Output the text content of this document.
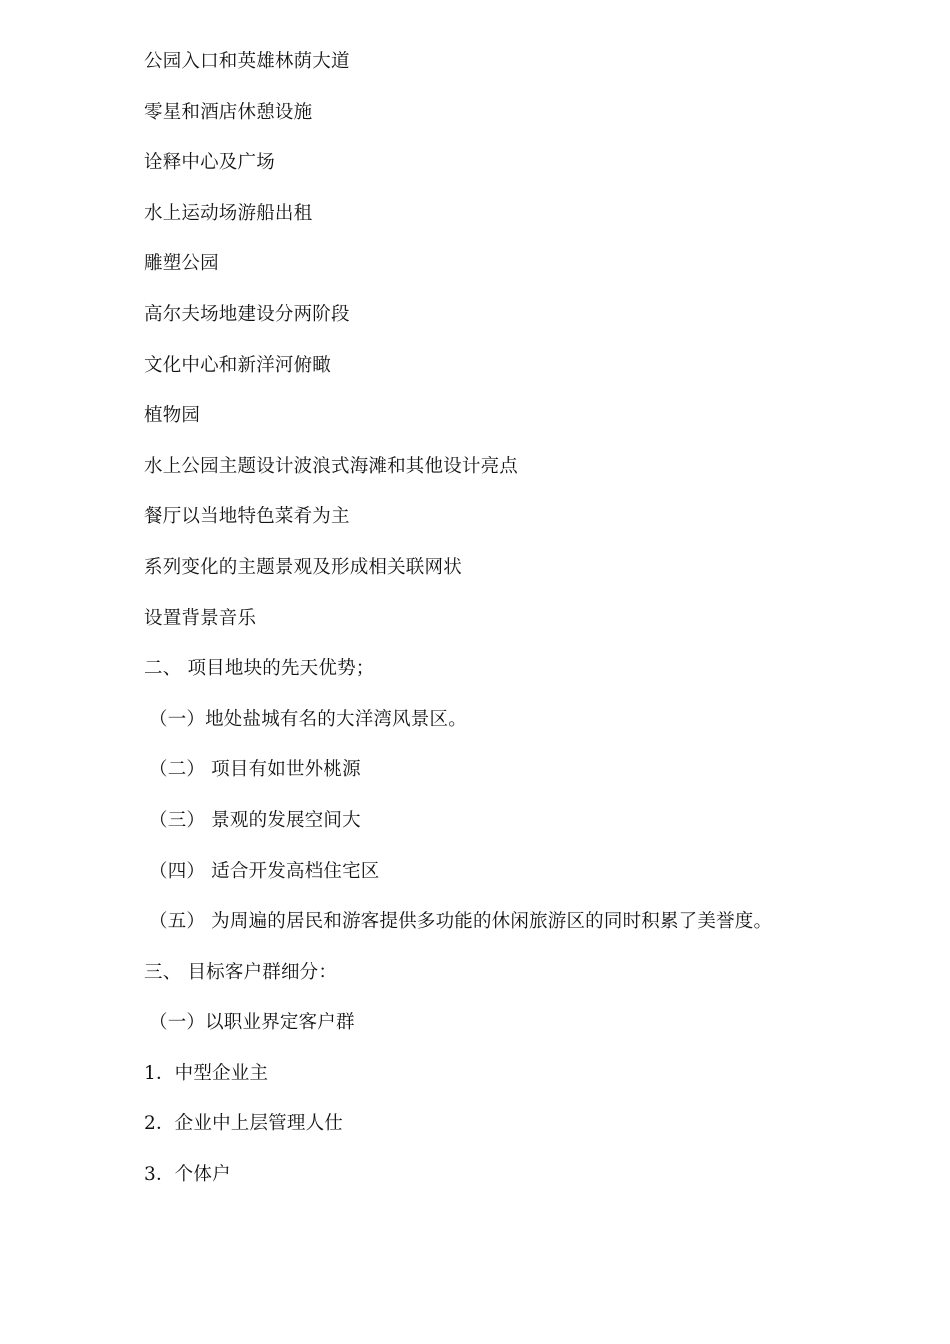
公园入口和英雄林荫大道
零星和酒店休憩设施
诠释中心及广场
水上运动场游船出租
雕塑公园
高尔夫场地建设分两阶段
文化中心和新洋河俯瞰
植物园
水上公园主题设计波浪式海滩和其他设计亮点
餐厅以当地特色菜肴为主
系列变化的主题景观及形成相关联网状
设置背景音乐
二、 项目地块的先天优势；
（一）地处盐城有名的大洋湾风景区。
（二） 项目有如世外桃源
（三） 景观的发展空间大
（四） 适合开发高档住宅区
（五） 为周遍的居民和游客提供多功能的休闲旅游区的同时积累了美誉度。
三、 目标客户群细分：
（一）以职业界定客户群
1．中型企业主
2．企业中上层管理人仕
3．个体户
